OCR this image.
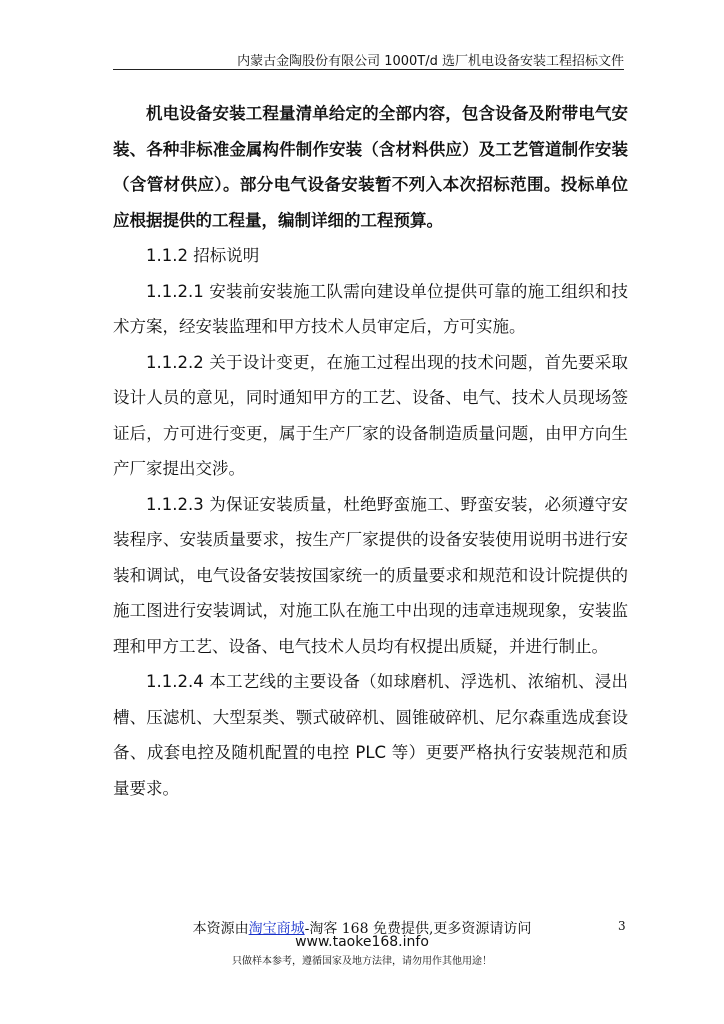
内蒙古金陶股份有限公司 1000T/d 选厂机电设备安装工程招标文件

机电设备安装工程量清单给定的全部内容，包含设备及附带电气安装、各种非标准金属构件制作安装（含材料供应）及工艺管道制作安装（含管材供应）。部分电气设备安装暂不列入本次招标范围。投标单位应根据提供的工程量，编制详细的工程预算。

1.1.2 招标说明

1.1.2.1 安装前安装施工队需向建设单位提供可靠的施工组织和技术方案，经安装监理和甲方技术人员审定后，方可实施。

1.1.2.2 关于设计变更，在施工过程出现的技术问题，首先要采取设计人员的意见，同时通知甲方的工艺、设备、电气、技术人员现场签证后，方可进行变更，属于生产厂家的设备制造质量问题，由甲方向生产厂家提出交涉。

1.1.2.3 为保证安装质量，杜绝野蛮施工、野蛮安装，必须遵守安装程序、安装质量要求，按生产厂家提供的设备安装使用说明书进行安装和调试，电气设备安装按国家统一的质量要求和规范和设计院提供的施工图进行安装调试，对施工队在施工中出现的违章违规现象，安装监理和甲方工艺、设备、电气技术人员均有权提出质疑，并进行制止。

1.1.2.4 本工艺线的主要设备（如球磨机、浮选机、浓缩机、浸出槽、压滤机、大型泵类、颚式破碎机、圆锥破碎机、尼尔森重选成套设备、成套电控及随机配置的电控 PLC 等）更要严格执行安装规范和质量要求。

本资源由淘宝商城-淘客 168 免费提供,更多资源请访问
www.taoke168.info
只做样本参考，遵循国家及地方法律，请勿用作其他用途！
3
